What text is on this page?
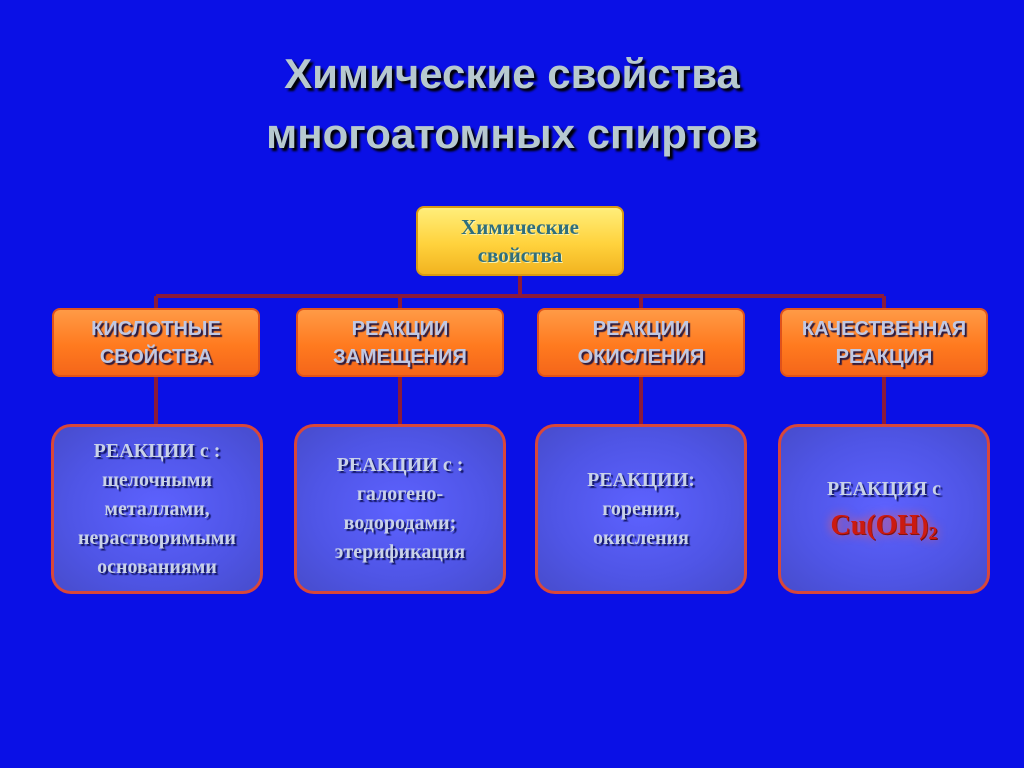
Химические свойства
многоатомных спиртов
Химические
свойства
КИСЛОТНЫЕ
СВОЙСТВА
РЕАКЦИИ
ЗАМЕЩЕНИЯ
РЕАКЦИИ
ОКИСЛЕНИЯ
КАЧЕСТВЕННАЯ
РЕАКЦИЯ
РЕАКЦИИ с :
щелочными
металлами,
нерастворимыми
основаниями
РЕАКЦИИ с :
галогено-
водородами;
этерификация
РЕАКЦИИ:
горения,
окисления
РЕАКЦИЯ с
$Cu(OH)_2$
